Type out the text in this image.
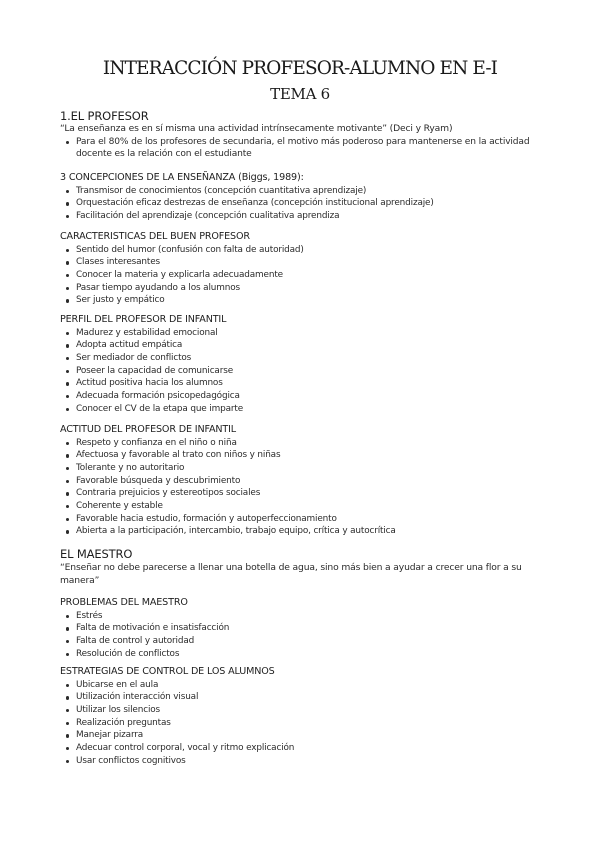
INTERACCIÓN PROFESOR-ALUMNO EN E-I
TEMA 6

1.EL PROFESOR

“La enseñanza es en sí misma una actividad intrínsecamente motivante” (Deci y Ryam)

Para el 80% de los profesores de secundaria, el motivo más poderoso para mantenerse en la actividad docente es la relación con el estudiante

3 CONCEPCIONES DE LA ENSEÑANZA (Biggs, 1989):

Transmisor de conocimientos (concepción cuantitativa aprendizaje)
Orquestación eficaz destrezas de enseñanza (concepción institucional aprendizaje)
Facilitación del aprendizaje (concepción cualitativa aprendiza

CARACTERISTICAS DEL BUEN PROFESOR

Sentido del humor (confusión con falta de autoridad)
Clases interesantes
Conocer la materia y explicarla adecuadamente
Pasar tiempo ayudando a los alumnos
Ser justo y empático

PERFIL DEL PROFESOR DE INFANTIL

Madurez y estabilidad emocional
Adopta actitud empática
Ser mediador de conflictos
Poseer la capacidad de comunicarse
Actitud positiva hacia los alumnos
Adecuada formación psicopedagógica
Conocer el CV de la etapa que imparte

ACTITUD DEL PROFESOR DE INFANTIL

Respeto y confianza en el niño o niña
Afectuosa y favorable al trato con niños y niñas
Tolerante y no autoritario
Favorable búsqueda y descubrimiento
Contraria prejuicios y estereotipos sociales
Coherente y estable
Favorable hacia estudio, formación y autoperfeccionamiento
Abierta a la participación, intercambio, trabajo equipo, crítica y autocrítica

EL MAESTRO

“Enseñar no debe parecerse a llenar una botella de agua, sino más bien a ayudar a crecer una flor a su manera”

PROBLEMAS DEL MAESTRO

Estrés
Falta de motivación e insatisfacción
Falta de control y autoridad
Resolución de conflictos

ESTRATEGIAS DE CONTROL DE LOS ALUMNOS

Ubicarse en el aula
Utilización interacción visual
Utilizar los silencios
Realización preguntas
Manejar pizarra
Adecuar control corporal, vocal y ritmo explicación
Usar conflictos cognitivos
